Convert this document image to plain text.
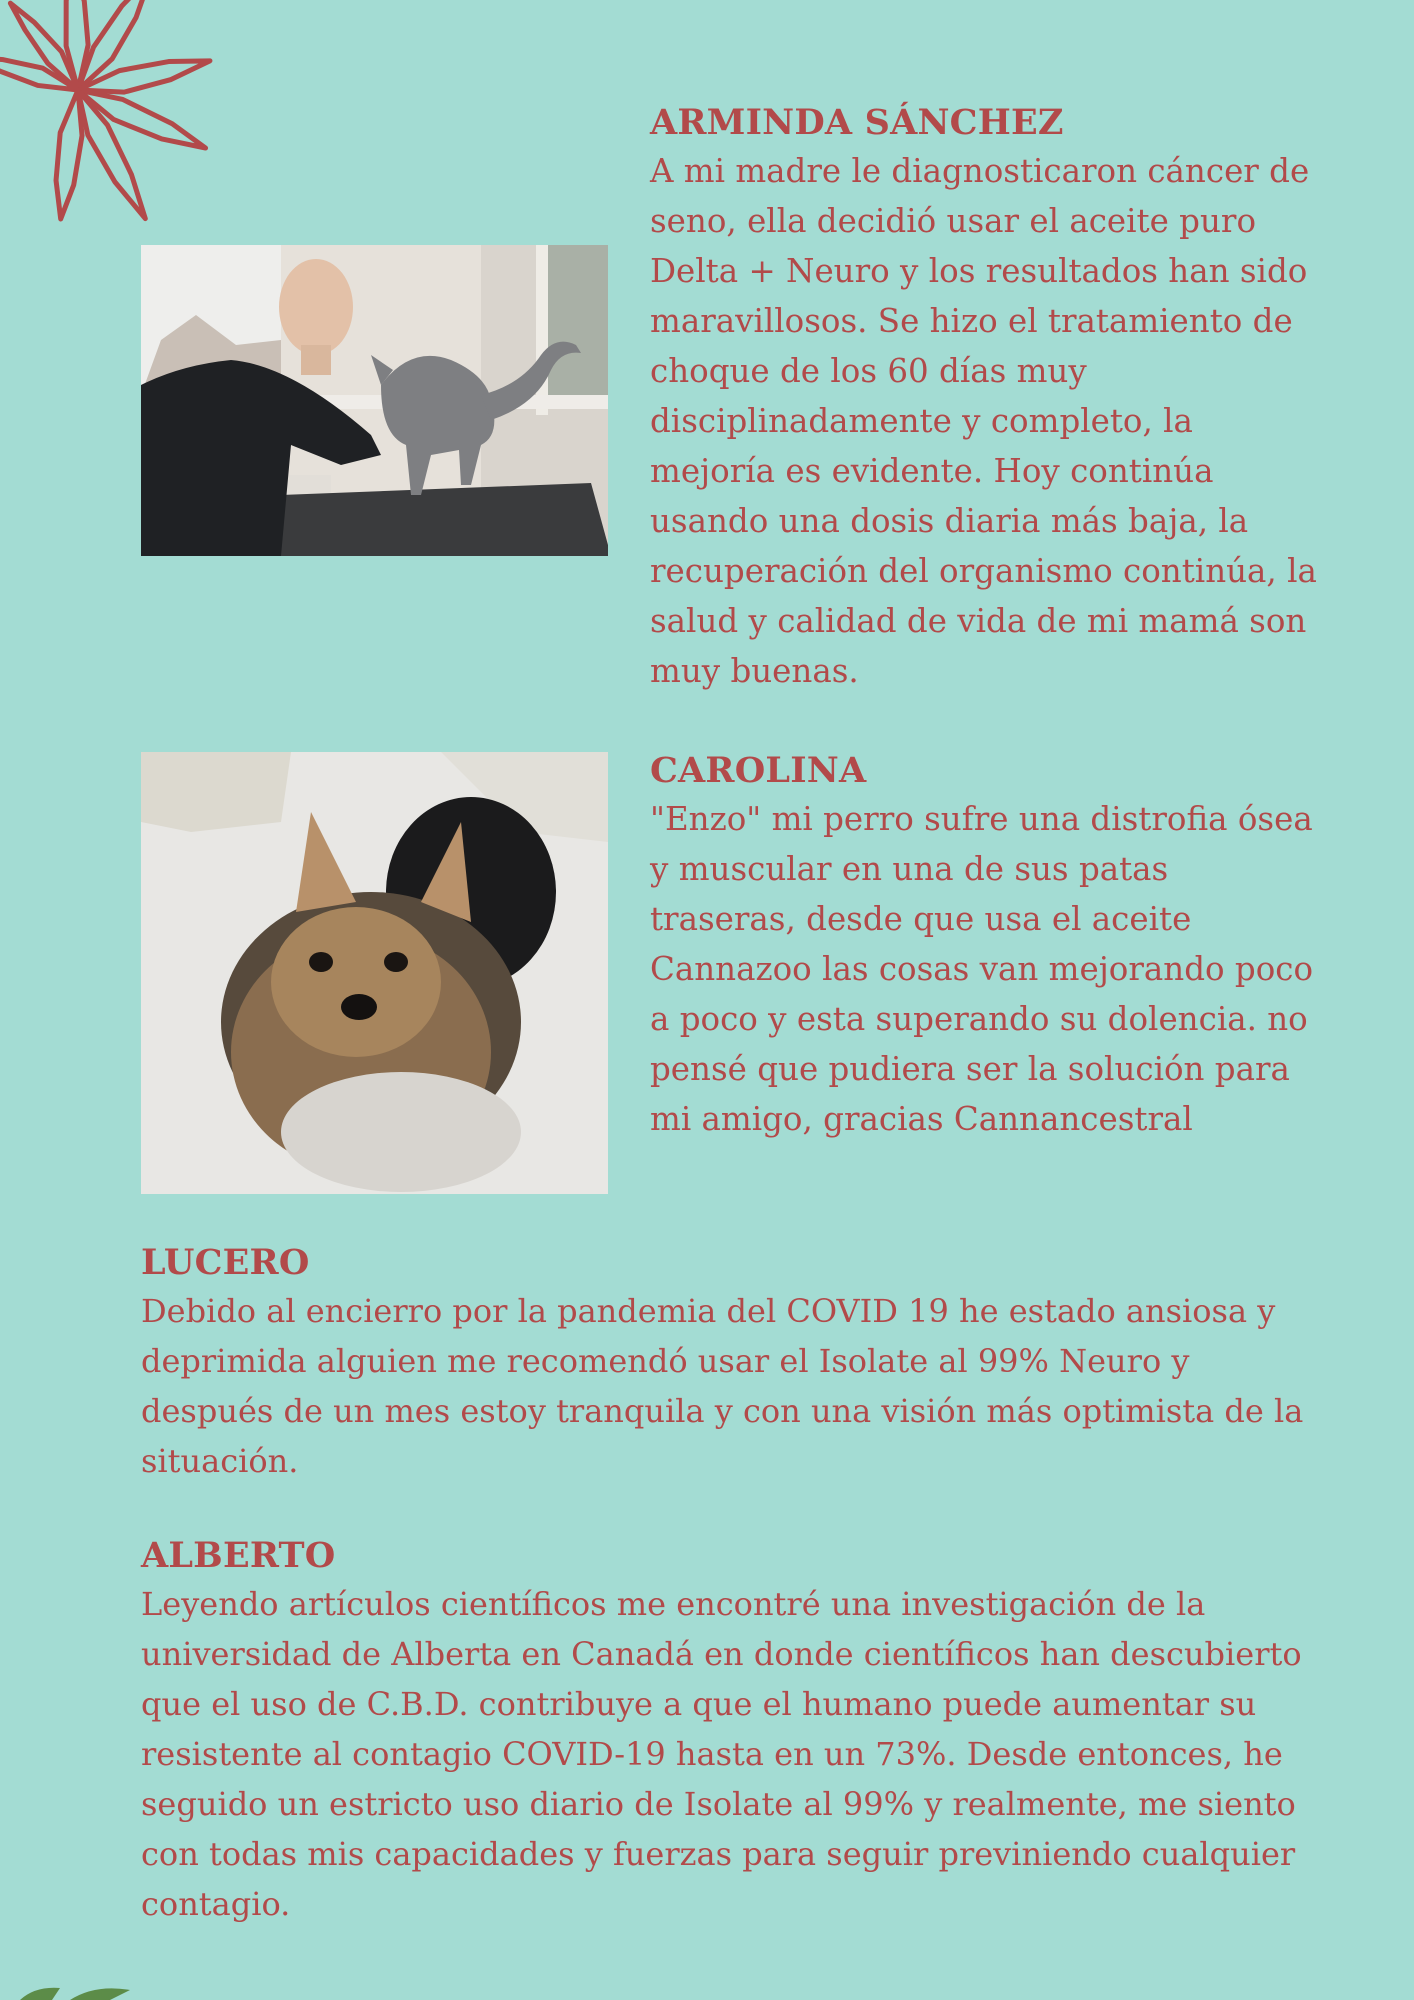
ARMINDA SÁNCHEZ

A mi madre le diagnosticaron cáncer de seno, ella decidió usar el aceite puro Delta + Neuro y los resultados han sido maravillosos. Se hizo el tratamiento de choque de los 60 días muy disciplinadamente y completo, la mejoría es evidente. Hoy continúa usando una dosis diaria más baja, la recuperación del organismo continúa, la salud y calidad de vida de mi mamá son muy buenas.

CAROLINA

"Enzo" mi perro sufre una distrofia ósea y muscular en una de sus patas traseras, desde que usa el aceite Cannazoo las cosas van mejorando poco a poco y esta superando su dolencia. no pensé que pudiera ser la solución para mi amigo, gracias Cannancestral

LUCERO

Debido al encierro por la pandemia del COVID 19 he estado ansiosa y deprimida alguien me recomendó usar el Isolate al 99% Neuro y después de un mes estoy tranquila y con una visión más optimista de la situación.

ALBERTO

Leyendo artículos científicos me encontré una investigación de la universidad de Alberta en Canadá en donde científicos han descubierto que el uso de C.B.D. contribuye a que el humano puede aumentar su resistente al contagio COVID-19 hasta en un 73%. Desde entonces, he seguido un estricto uso diario de Isolate al 99% y realmente, me siento con todas mis capacidades y fuerzas para seguir previniendo cualquier contagio.
